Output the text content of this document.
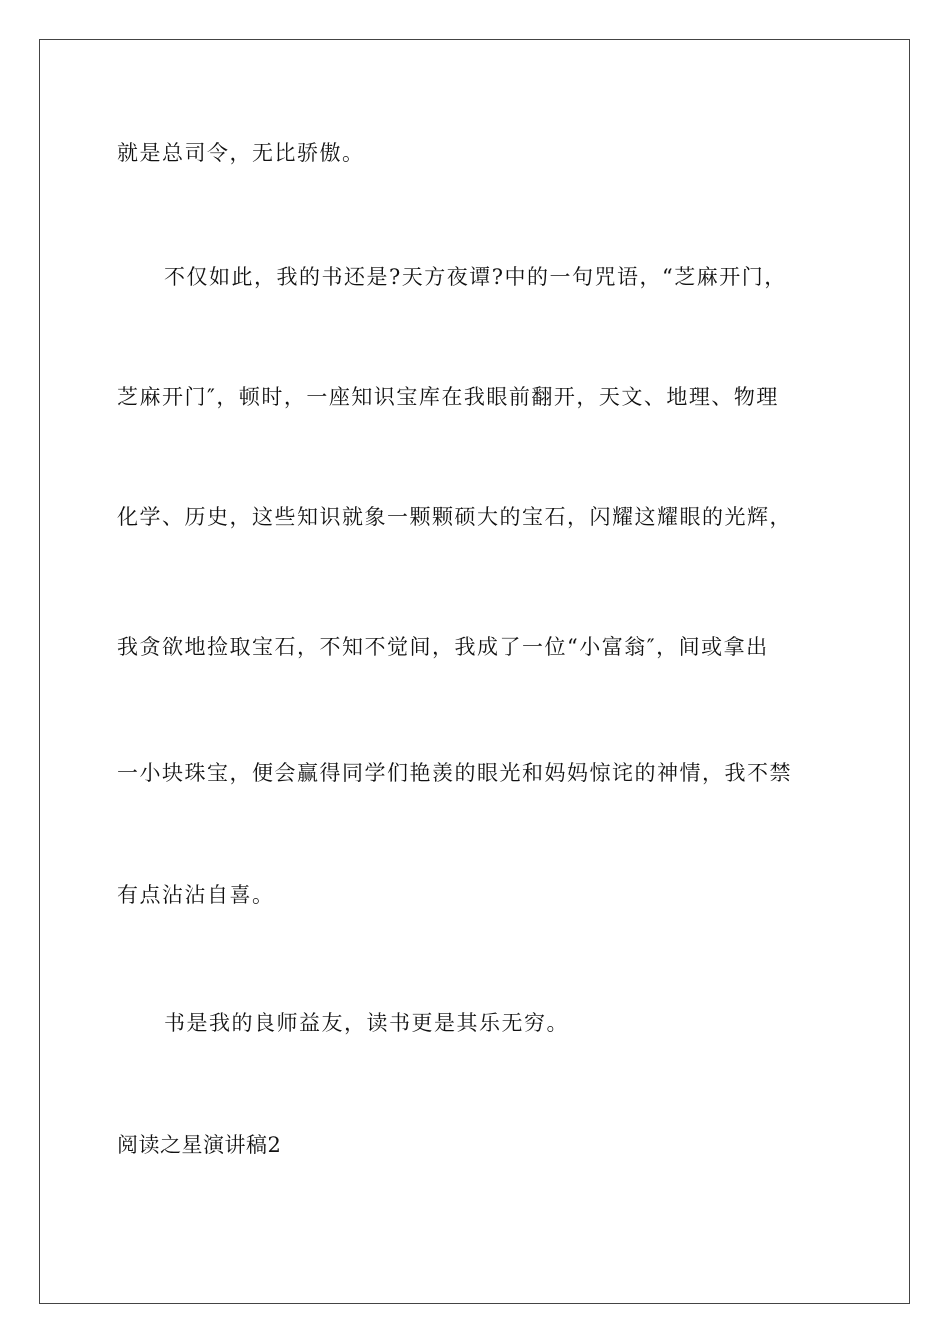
就是总司令，无比骄傲。
不仅如此，我的书还是?天方夜谭?中的一句咒语，“芝麻开门，
芝麻开门″，顿时，一座知识宝库在我眼前翻开，天文、地理、物理
化学、历史，这些知识就象一颗颗硕大的宝石，闪耀这耀眼的光辉，
我贪欲地捡取宝石，不知不觉间，我成了一位“小富翁″，间或拿出
一小块珠宝，便会赢得同学们艳羡的眼光和妈妈惊诧的神情，我不禁
有点沾沾自喜。
书是我的良师益友，读书更是其乐无穷。
阅读之星演讲稿2
